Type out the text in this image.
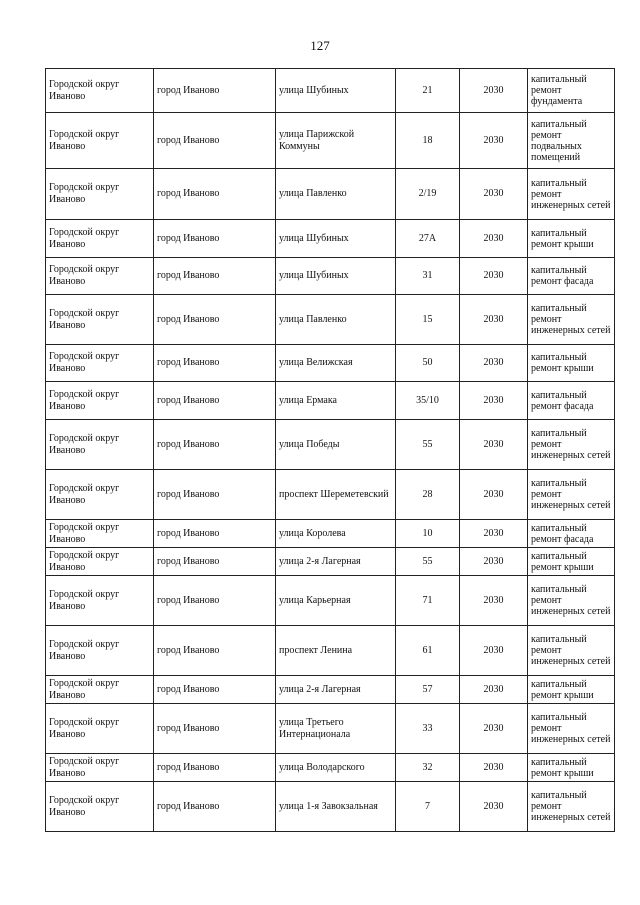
127
Городской округ Иваново	город Иваново	улица Шубиных	21	2030	капитальный ремонт фундамента
Городской округ Иваново	город Иваново	улица Парижской Коммуны	18	2030	капитальный ремонт подвальных помещений
Городской округ Иваново	город Иваново	улица Павленко	2/19	2030	капитальный ремонт инженерных сетей
Городской округ Иваново	город Иваново	улица Шубиных	27А	2030	капитальный ремонт крыши
Городской округ Иваново	город Иваново	улица Шубиных	31	2030	капитальный ремонт фасада
Городской округ Иваново	город Иваново	улица Павленко	15	2030	капитальный ремонт инженерных сетей
Городской округ Иваново	город Иваново	улица Велижская	50	2030	капитальный ремонт крыши
Городской округ Иваново	город Иваново	улица Ермака	35/10	2030	капитальный ремонт фасада
Городской округ Иваново	город Иваново	улица Победы	55	2030	капитальный ремонт инженерных сетей
Городской округ Иваново	город Иваново	проспект Шереметевский	28	2030	капитальный ремонт инженерных сетей
Городской округ Иваново	город Иваново	улица Королева	10	2030	капитальный ремонт фасада
Городской округ Иваново	город Иваново	улица 2-я Лагерная	55	2030	капитальный ремонт крыши
Городской округ Иваново	город Иваново	улица Карьерная	71	2030	капитальный ремонт инженерных сетей
Городской округ Иваново	город Иваново	проспект Ленина	61	2030	капитальный ремонт инженерных сетей
Городской округ Иваново	город Иваново	улица 2-я Лагерная	57	2030	капитальный ремонт крыши
Городской округ Иваново	город Иваново	улица Третьего Интернационала	33	2030	капитальный ремонт инженерных сетей
Городской округ Иваново	город Иваново	улица Володарского	32	2030	капитальный ремонт крыши
Городской округ Иваново	город Иваново	улица 1-я Завокзальная	7	2030	капитальный ремонт инженерных сетей
